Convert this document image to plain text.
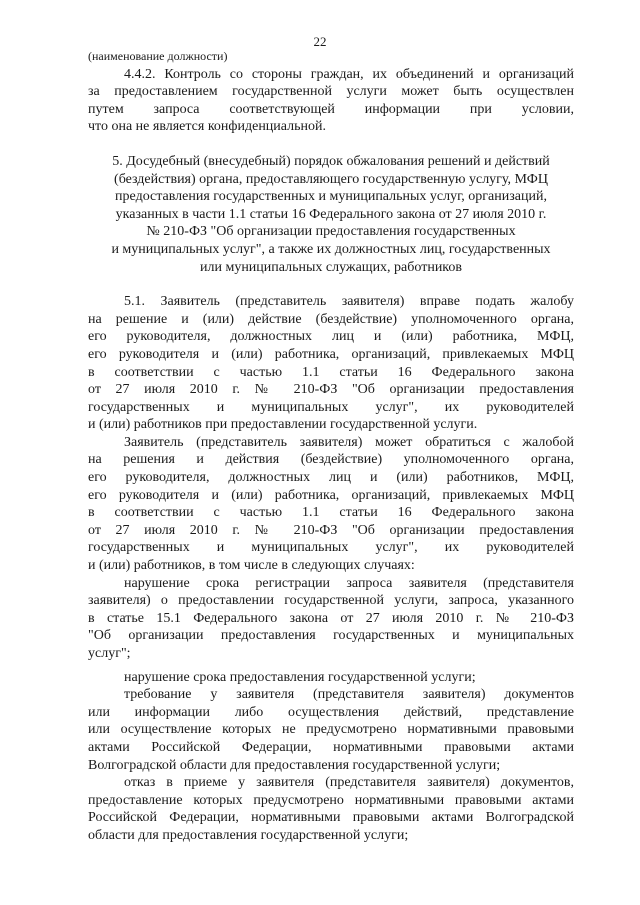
22
(наименование должности)
4.4.2. Контроль со стороны граждан, их объединений и организаций
за предоставлением государственной услуги может быть осуществлен
путем запроса соответствующей информации при условии,
что она не является конфиденциальной.
5. Досудебный (внесудебный) порядок обжалования решений и действий
(бездействия) органа, предоставляющего государственную услугу, МФЦ
предоставления государственных и муниципальных услуг, организаций,
указанных в части 1.1 статьи 16 Федерального закона от 27 июля 2010 г.
№ 210-ФЗ "Об организации предоставления государственных
и муниципальных услуг", а также их должностных лиц, государственных
или муниципальных служащих, работников
5.1. Заявитель (представитель заявителя) вправе подать жалобу
на решение и (или) действие (бездействие) уполномоченного органа,
его руководителя, должностных лиц и (или) работника, МФЦ,
его руководителя и (или) работника, организаций, привлекаемых МФЦ
в соответствии с частью 1.1 статьи 16 Федерального закона
от 27 июля 2010 г. № 210-ФЗ "Об организации предоставления
государственных и муниципальных услуг", их руководителей
и (или) работников при предоставлении государственной услуги.
Заявитель (представитель заявителя) может обратиться с жалобой
на решения и действия (бездействие) уполномоченного органа,
его руководителя, должностных лиц и (или) работников, МФЦ,
его руководителя и (или) работника, организаций, привлекаемых МФЦ
в соответствии с частью 1.1 статьи 16 Федерального закона
от 27 июля 2010 г. № 210-ФЗ "Об организации предоставления
государственных и муниципальных услуг", их руководителей
и (или) работников, в том числе в следующих случаях:
нарушение срока регистрации запроса заявителя (представителя
заявителя) о предоставлении государственной услуги, запроса, указанного
в статье 15.1 Федерального закона от 27 июля 2010 г. № 210-ФЗ
"Об организации предоставления государственных и муниципальных
услуг";
нарушение срока предоставления государственной услуги;
требование у заявителя (представителя заявителя) документов
или информации либо осуществления действий, представление
или осуществление которых не предусмотрено нормативными правовыми
актами Российской Федерации, нормативными правовыми актами
Волгоградской области для предоставления государственной услуги;
отказ в приеме у заявителя (представителя заявителя) документов,
предоставление которых предусмотрено нормативными правовыми актами
Российской Федерации, нормативными правовыми актами Волгоградской
области для предоставления государственной услуги;
